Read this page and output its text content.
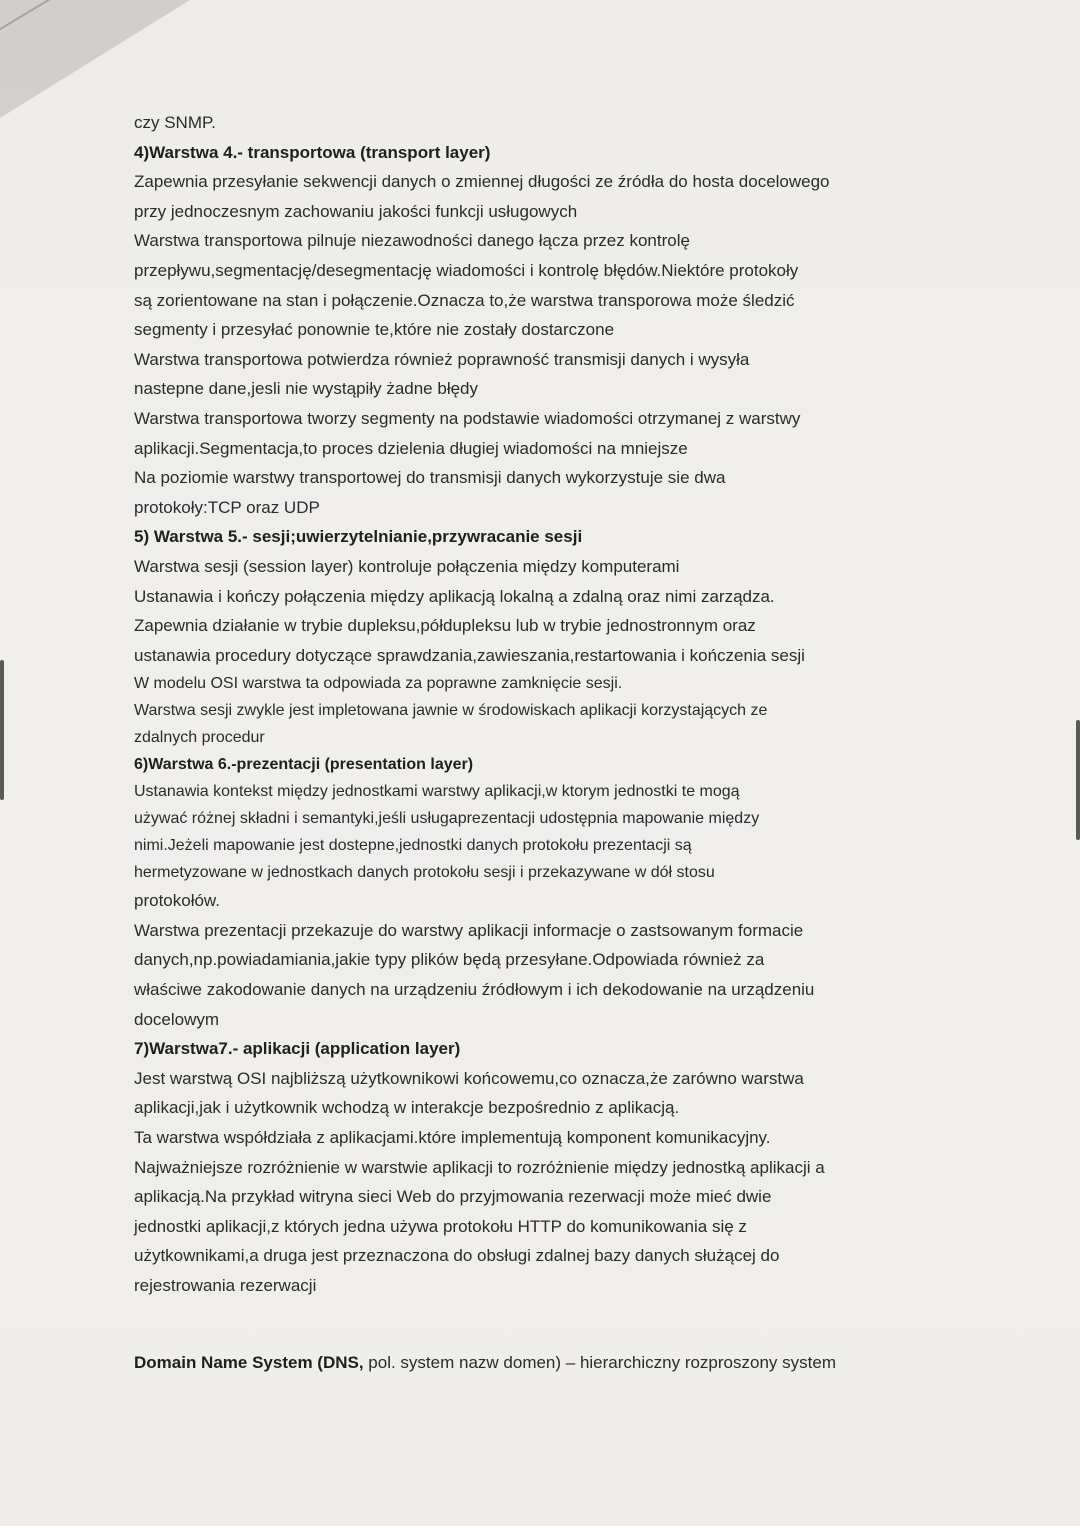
czy SNMP.

4)Warstwa 4.- transportowa (transport layer)

Zapewnia przesyłanie sekwencji danych o zmiennej długości ze źródła do hosta docelowego

przy jednoczesnym zachowaniu jakości funkcji usługowych

Warstwa transportowa pilnuje niezawodności danego łącza przez kontrolę

przepływu,segmentację/desegmentację wiadomości i kontrolę błędów.Niektóre protokoły

są zorientowane na stan i połączenie.Oznacza to,że warstwa transporowa może śledzić

segmenty i przesyłać ponownie te,które nie zostały dostarczone

Warstwa transportowa potwierdza również poprawność transmisji danych i wysyła

nastepne dane,jesli nie wystąpiły żadne błędy

Warstwa transportowa tworzy segmenty na podstawie wiadomości otrzymanej z warstwy

aplikacji.Segmentacja,to proces dzielenia długiej wiadomości na mniejsze

Na poziomie warstwy transportowej do transmisji danych wykorzystuje sie dwa

protokoły:TCP oraz UDP

5) Warstwa 5.- sesji;uwierzytelnianie,przywracanie sesji

Warstwa sesji (session layer) kontroluje połączenia między komputerami

Ustanawia i kończy połączenia między aplikacją lokalną a zdalną oraz nimi zarządza.

Zapewnia działanie w trybie dupleksu,półdupleksu lub w trybie jednostronnym oraz

ustanawia procedury dotyczące sprawdzania,zawieszania,restartowania i kończenia sesji

W modelu OSI warstwa ta odpowiada za poprawne zamknięcie sesji.

Warstwa sesji zwykle jest impletowana jawnie w środowiskach aplikacji korzystających ze

zdalnych procedur

6)Warstwa 6.-prezentacji (presentation layer)

Ustanawia kontekst między jednostkami warstwy aplikacji,w ktorym jednostki te mogą

używać różnej składni i semantyki,jeśli usługaprezentacji udostępnia mapowanie między

nimi.Jeżeli mapowanie jest dostepne,jednostki danych protokołu prezentacji są

hermetyzowane w jednostkach danych protokołu sesji i przekazywane w dół stosu

protokołów.

Warstwa prezentacji przekazuje do warstwy aplikacji informacje o zastsowanym formacie

danych,np.powiadamiania,jakie typy plików będą przesyłane.Odpowiada również za

właściwe zakodowanie danych na urządzeniu źródłowym i ich dekodowanie na urządzeniu

docelowym

7)Warstwa7.- aplikacji (application layer)

Jest warstwą OSI najbliższą użytkownikowi końcowemu,co oznacza,że zarówno warstwa

aplikacji,jak i użytkownik wchodzą w interakcje bezpośrednio z aplikacją.

Ta warstwa współdziała z aplikacjami.które implementują komponent komunikacyjny.

Najważniejsze rozróżnienie w warstwie aplikacji to rozróżnienie między jednostką aplikacji a

aplikacją.Na przykład witryna sieci Web do przyjmowania rezerwacji może mieć dwie

jednostki aplikacji,z których jedna używa protokołu HTTP do komunikowania się z

użytkownikami,a druga jest przeznaczona do obsługi zdalnej bazy danych służącej do

rejestrowania rezerwacji

Domain Name System (DNS, pol. system nazw domen) – hierarchiczny rozproszony system
